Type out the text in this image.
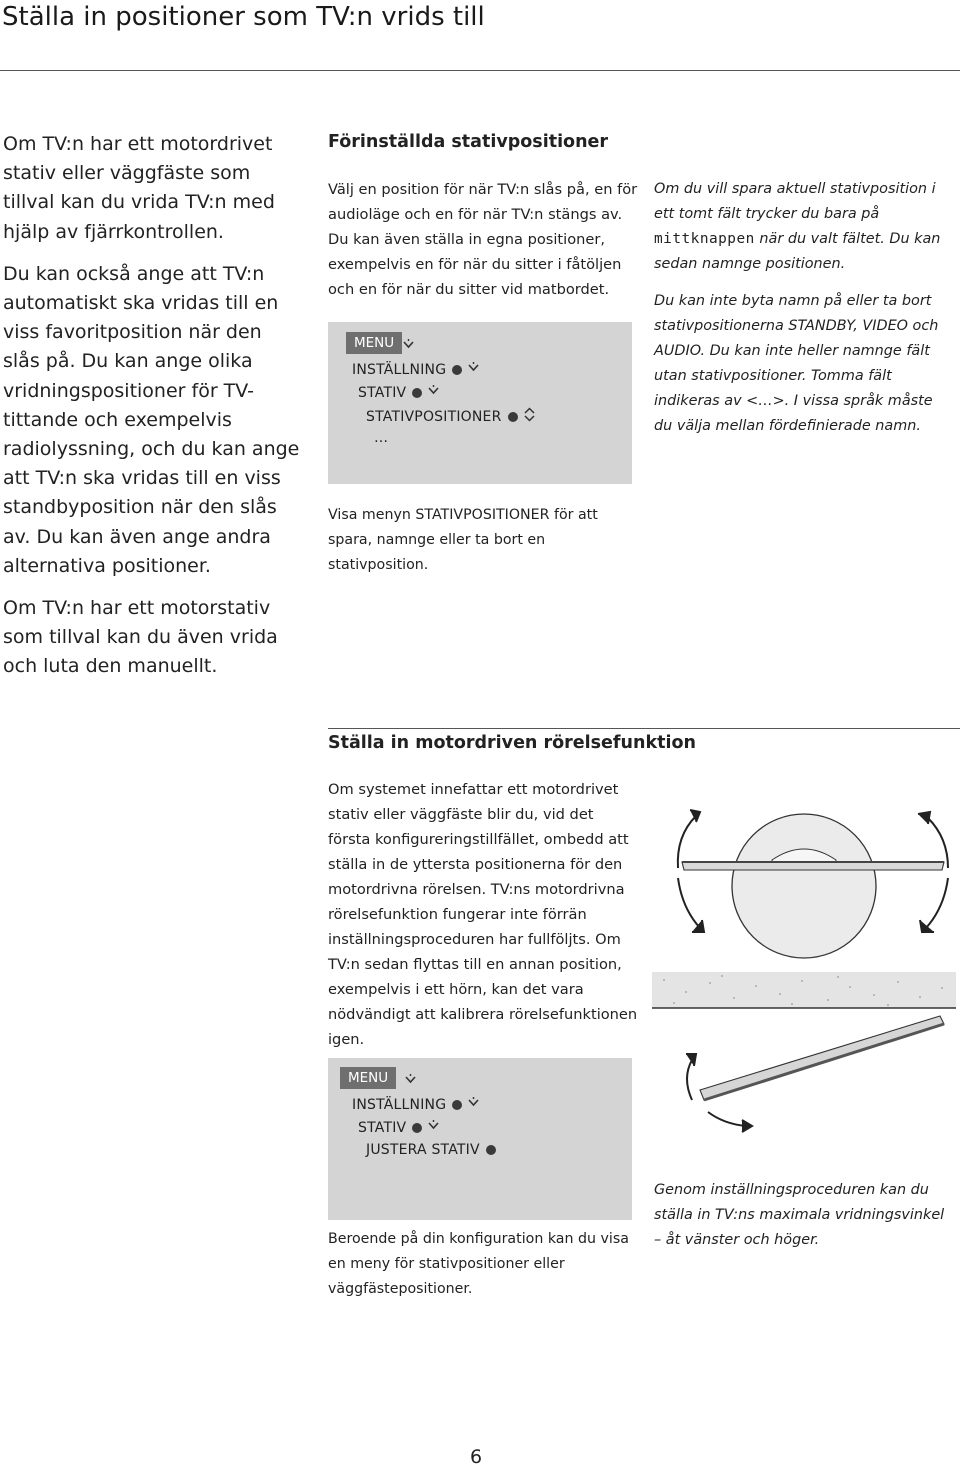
Ställa in positioner som TV:n vrids till

Om TV:n har ett motordrivet stativ eller väggfäste som tillval kan du vrida TV:n med hjälp av fjärrkontrollen.

Du kan också ange att TV:n automatiskt ska vridas till en viss favoritposition när den slås på. Du kan ange olika vridningspositioner för TV-tittande och exempelvis radiolyssning, och du kan ange att TV:n ska vridas till en viss standbyposition när den slås av. Du kan även ange andra alternativa positioner.

Om TV:n har ett motorstativ som tillval kan du även vrida och luta den manuellt.

Förinställda stativpositioner

Välj en position för när TV:n slås på, en för audioläge och en för när TV:n stängs av. Du kan även ställa in egna positioner, exempelvis en för när du sitter i fåtöljen och en för när du sitter vid matbordet.

MENU
INSTÄLLNING
STATIV
STATIVPOSITIONER
…

Visa menyn STATIVPOSITIONER för att spara, namnge eller ta bort en stativposition.

Om du vill spara aktuell stativposition i ett tomt fält trycker du bara på mittknappen när du valt fältet. Du kan sedan namnge positionen.

Du kan inte byta namn på eller ta bort stativpositionerna STANDBY, VIDEO och AUDIO. Du kan inte heller namnge fält utan stativpositioner. Tomma fält indikeras av <…>. I vissa språk måste du välja mellan fördefinierade namn.

Ställa in motordriven rörelsefunktion

Om systemet innefattar ett motordrivet stativ eller väggfäste blir du, vid det första konfigureringstillfället, ombedd att ställa in de yttersta positionerna för den motordrivna rörelsen. TV:ns motordrivna rörelsefunktion fungerar inte förrän inställningsproceduren har fullföljts. Om TV:n sedan flyttas till en annan position, exempelvis i ett hörn, kan det vara nödvändigt att kalibrera rörelsefunktionen igen.

MENU
INSTÄLLNING
STATIV
JUSTERA STATIV

Beroende på din konfiguration kan du visa en meny för stativpositioner eller väggfästepositioner.

Genom inställningsproceduren kan du ställa in TV:ns maximala vridningsvinkel – åt vänster och höger.

6
